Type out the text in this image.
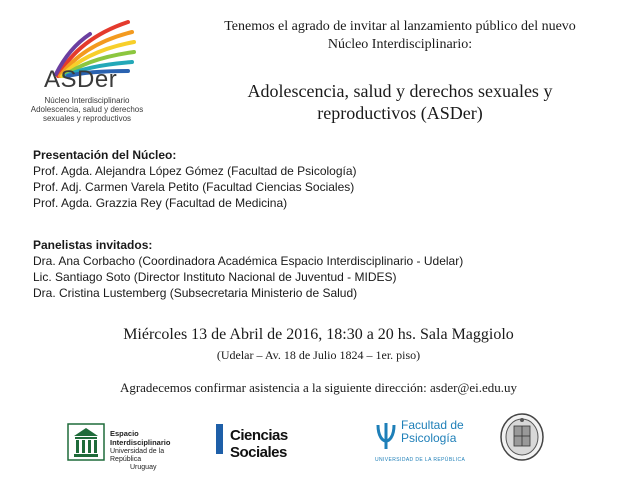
ASDer
Núcleo Interdisciplinario
Adolescencia, salud y derechos
sexuales y reproductivos
Tenemos el agrado de invitar al lanzamiento público del nuevo
Núcleo Interdisciplinario:
Adolescencia, salud y derechos sexuales y
reproductivos (ASDer)
Presentación del Núcleo:
Prof. Agda. Alejandra López Gómez (Facultad de Psicología)
Prof. Adj. Carmen Varela Petito (Facultad Ciencias Sociales)
Prof. Agda. Grazzia Rey (Facultad de Medicina)
Panelistas invitados:
Dra. Ana Corbacho (Coordinadora Académica Espacio Interdisciplinario - Udelar)
Lic. Santiago Soto (Director Instituto Nacional de Juventud - MIDES)
Dra. Cristina Lustemberg (Subsecretaria Ministerio de Salud)
Miércoles 13 de Abril de 2016, 18:30 a 20 hs. Sala Maggiolo
(Udelar – Av. 18 de Julio 1824 – 1er. piso)
Agradecemos confirmar asistencia a la siguiente dirección: asder@ei.edu.uy
Espacio Interdisciplinario
Universidad de la República
Uruguay
Ciencias Sociales
Facultad de
Psicología
UNIVERSIDAD DE LA REPÚBLICA
